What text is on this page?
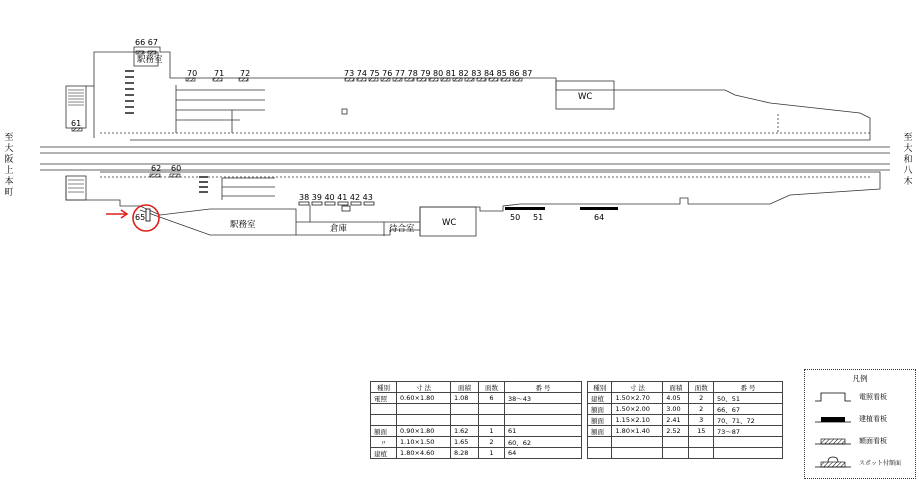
66 67
70 71 72	73 74 75 76 77 78 79 80 81 82 83 84 85 86 87
61
62 60
38 39 40 41 42 43
50 51	64
65
駅務室
WC
駅務室	倉庫	待合室
WC
至大阪上本町
至大和八木
種別	寸 法	面積	面数	番 号
電照	0.60×1.80	1.08	6	38〜43

額面	0.90×1.80	1.62	1	61
〃	1.10×1.50	1.65	2	60、62
建植	1.80×4.60	8.28	1	64
種別	寸 法	面積	面数	番 号
建植	1.50×2.70	4.05	2	50、51
額面	1.50×2.00	3.00	2	66、67
額面	1.15×2.10	2.41	3	70、71、72
額面	1.80×1.40	2.52	15	73〜87

凡例
電照看板
建植看板
額面看板
スポット付額面
